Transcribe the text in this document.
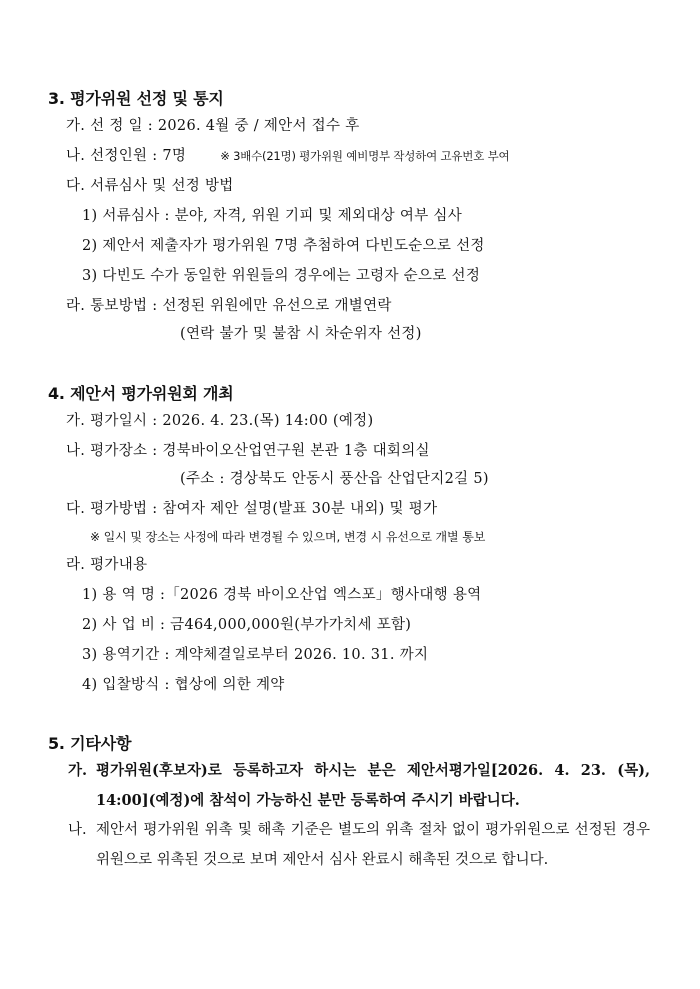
3. 평가위원 선정 및 통지
가. 선 정 일 : 2026. 4월 중 / 제안서 접수 후
나. 선정인원 : 7명	※ 3배수(21명) 평가위원 예비명부 작성하여 고유번호 부여
다. 서류심사 및 선정 방법
1) 서류심사 : 분야, 자격, 위원 기피 및 제외대상 여부 심사
2) 제안서 제출자가 평가위원 7명 추첨하여 다빈도순으로 선정
3) 다빈도 수가 동일한 위원들의 경우에는 고령자 순으로 선정
라. 통보방법 : 선정된 위원에만 유선으로 개별연락
(연락 불가 및 불참 시 차순위자 선정)
4. 제안서 평가위원회 개최
가. 평가일시 : 2026. 4. 23.(목) 14:00 (예정)
나. 평가장소 : 경북바이오산업연구원 본관 1층 대회의실
(주소 : 경상북도 안동시 풍산읍 산업단지2길 5)
다. 평가방법 : 참여자 제안 설명(발표 30분 내외) 및 평가
※ 일시 및 장소는 사정에 따라 변경될 수 있으며, 변경 시 유선으로 개별 통보
라. 평가내용
1) 용 역 명 :「2026 경북 바이오산업 엑스포」행사대행 용역
2) 사 업 비 : 금464,000,000원(부가가치세 포함)
3) 용역기간 : 계약체결일로부터 2026. 10. 31. 까지
4) 입찰방식 : 협상에 의한 계약
5. 기타사항
가. 평가위원(후보자)로 등록하고자 하시는 분은 제안서평가일[2026. 4. 23. (목), 14:00](예정)에 참석이 가능하신 분만 등록하여 주시기 바랍니다.
나. 제안서 평가위원 위촉 및 해촉 기준은 별도의 위촉 절차 없이 평가위원으로 선정된 경우 위원으로 위촉된 것으로 보며 제안서 심사 완료시 해촉된 것으로 합니다.
